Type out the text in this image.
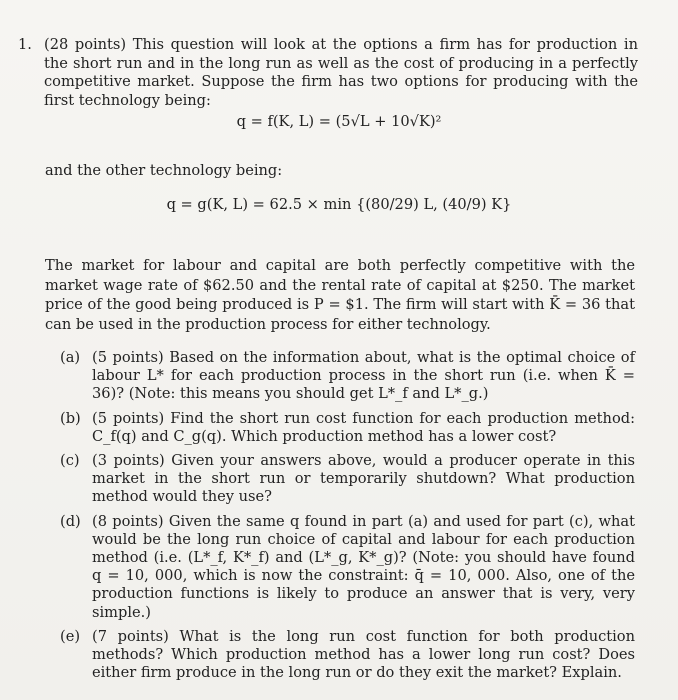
1. (28 points) This question will look at the options a firm has for production in the short run and in the long run as well as the cost of producing in a perfectly competitive market. Suppose the firm has two options for producing with the first technology being:
q = f(K, L) = (5√L + 10√K)²
and the other technology being:
q = g(K, L) = 62.5 × min {(80/29) L, (40/9) K}
The market for labour and capital are both perfectly competitive with the market wage rate of $62.50 and the rental rate of capital at $250. The market price of the good being produced is P = $1. The firm will start with K̄ = 36 that can be used in the production process for either technology.
(a) (5 points) Based on the information about, what is the optimal choice of labour L* for each production process in the short run (i.e. when K̄ = 36)? (Note: this means you should get L*_f and L*_g.)
(b) (5 points) Find the short run cost function for each production method: C_f(q) and C_g(q). Which production method has a lower cost?
(c) (3 points) Given your answers above, would a producer operate in this market in the short run or temporarily shutdown? What production method would they use?
(d) (8 points) Given the same q found in part (a) and used for part (c), what would be the long run choice of capital and labour for each production method (i.e. (L*_f, K*_f) and (L*_g, K*_g)? (Note: you should have found q = 10, 000, which is now the constraint: q̄ = 10, 000. Also, one of the production functions is likely to produce an answer that is very, very simple.)
(e) (7 points) What is the long run cost function for both production methods? Which production method has a lower long run cost? Does either firm produce in the long run or do they exit the market? Explain.
